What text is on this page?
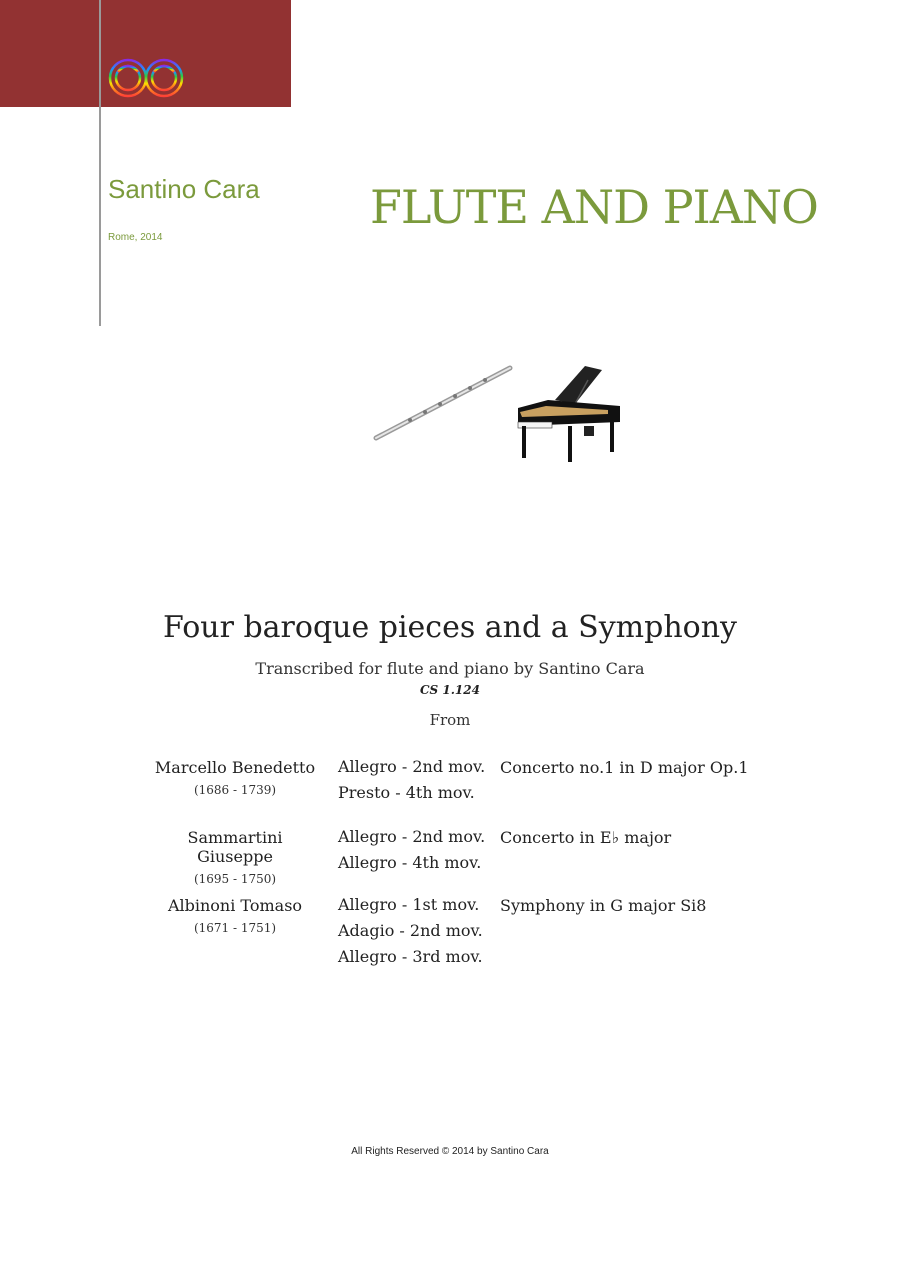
Santino Cara
Rome, 2014
FLUTE AND PIANO
Four baroque pieces and a Symphony
Transcribed for flute and piano by Santino Cara
CS 1.124
From
Marcello Benedetto
(1686 - 1739)
Allegro - 2nd mov.
Presto - 4th mov.
Concerto no.1 in D major Op.1
Sammartini Giuseppe
(1695 - 1750)
Allegro - 2nd mov.
Allegro - 4th mov.
Concerto in E♭ major
Albinoni Tomaso
(1671 - 1751)
Allegro - 1st mov.
Adagio - 2nd mov.
Allegro - 3rd mov.
Symphony in G major Si8
All Rights Reserved © 2014 by Santino Cara
